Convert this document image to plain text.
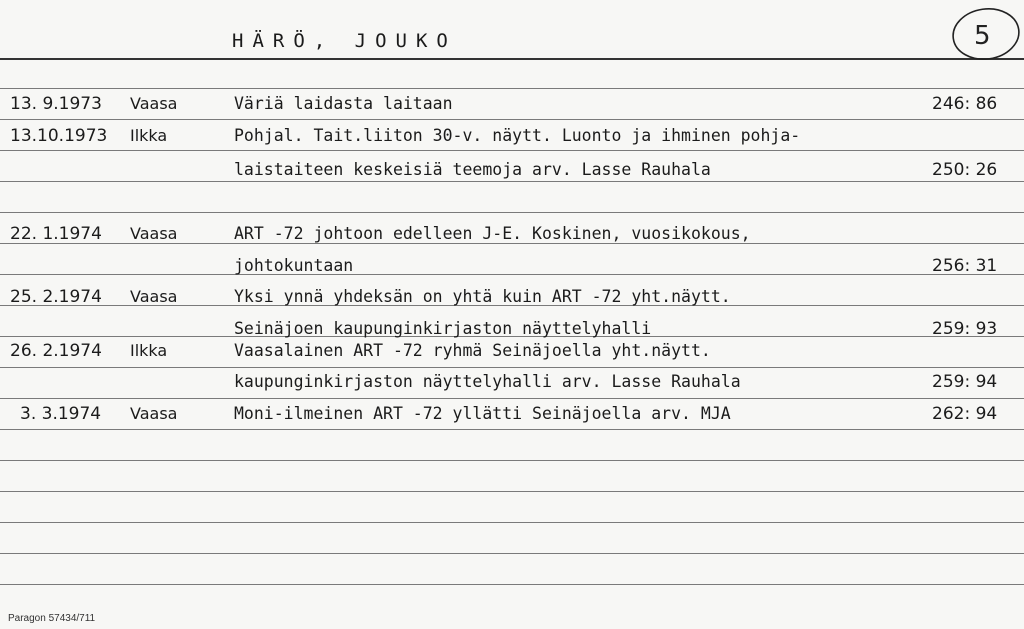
HÄRÖ, JOUKO	5
13. 9.1973 Vaasa	Väriä laidasta laitaan	246: 86
13.10.1973 Ilkka	Pohjal. Tait.liiton 30-v. näytt. Luonto ja ihminen pohja-
laistaiteen keskeisiä teemoja arv. Lasse Rauhala	250: 26
22. 1.1974 Vaasa	ART -72 johtoon edelleen J-E. Koskinen, vuosikokous,
johtokuntaan	256: 31
25. 2.1974 Vaasa	Yksi ynnä yhdeksän on yhtä kuin ART -72 yht.näytt.
Seinäjoen kaupunginkirjaston näyttelyhalli	259: 93
26. 2.1974 Ilkka	Vaasalainen ART -72 ryhmä Seinäjoella yht.näytt.
kaupunginkirjaston näyttelyhalli arv. Lasse Rauhala	259: 94
3. 3.1974 Vaasa	Moni-ilmeinen ART -72 yllätti Seinäjoella arv. MJA	262: 94
Paragon 57434/711
